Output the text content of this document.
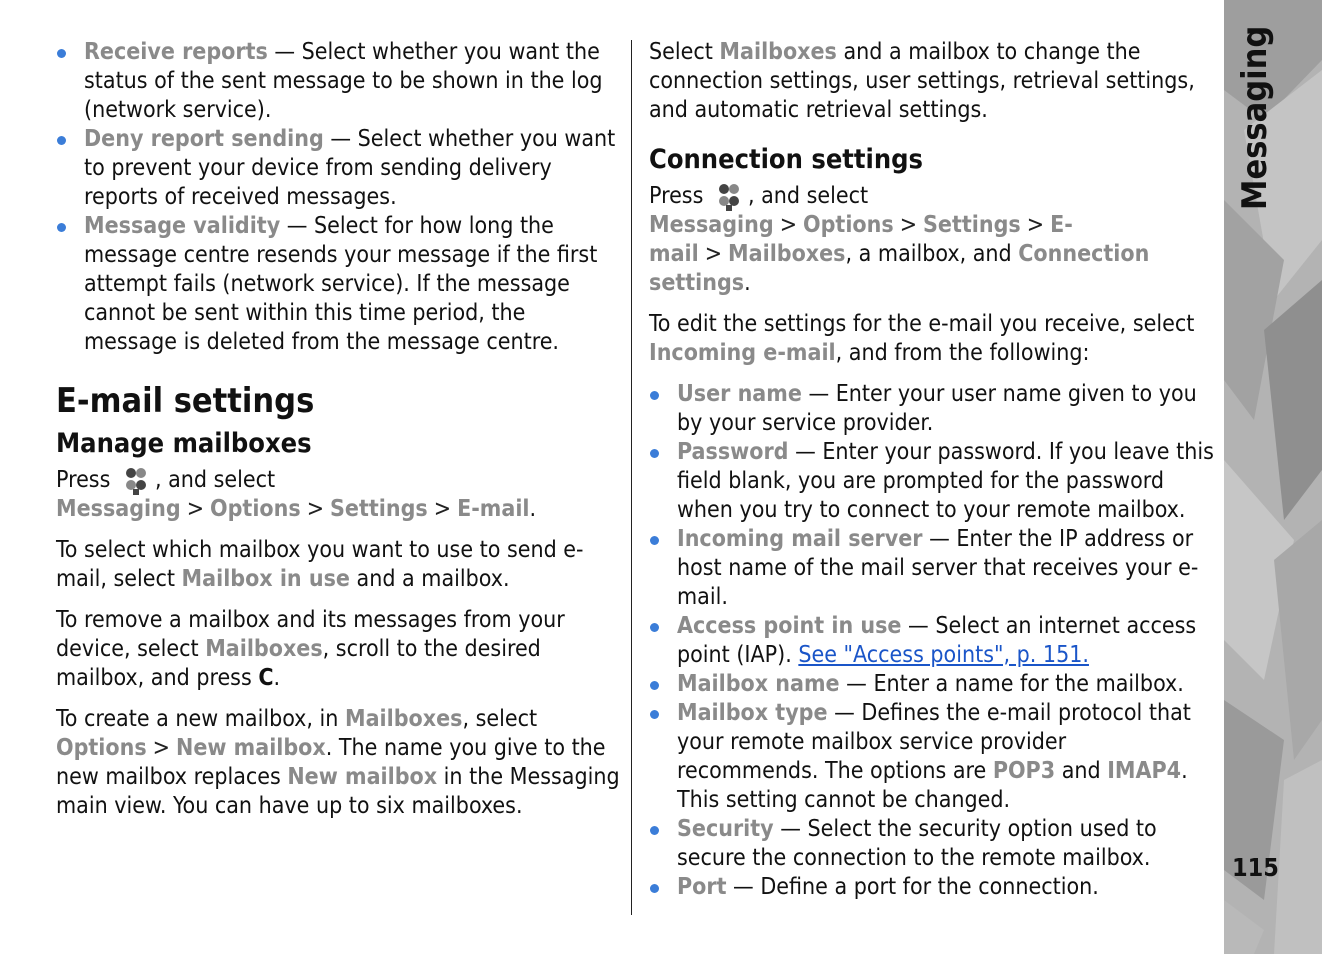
Receive reports — Select whether you want the status of the sent message to be shown in the log (network service).
Deny report sending — Select whether you want to prevent your device from sending delivery reports of received messages.
Message validity — Select for how long the message centre resends your message if the first attempt fails (network service). If the message cannot be sent within this time period, the message is deleted from the message centre.
E-mail settings
Manage mailboxes

Press , and select Messaging > Options > Settings > E-mail.

To select which mailbox you want to use to send e-mail, select Mailbox in use and a mailbox.

To remove a mailbox and its messages from your device, select Mailboxes, scroll to the desired mailbox, and press C.

To create a new mailbox, in Mailboxes, select Options > New mailbox. The name you give to the new mailbox replaces New mailbox in the Messaging main view. You can have up to six mailboxes.

Select Mailboxes and a mailbox to change the connection settings, user settings, retrieval settings, and automatic retrieval settings.

Connection settings

Press , and select Messaging > Options > Settings > E-mail > Mailboxes, a mailbox, and Connection settings.

To edit the settings for the e-mail you receive, select Incoming e-mail, and from the following:

User name — Enter your user name given to you by your service provider.
Password — Enter your password. If you leave this field blank, you are prompted for the password when you try to connect to your remote mailbox.
Incoming mail server — Enter the IP address or host name of the mail server that receives your e-mail.
Access point in use — Select an internet access point (IAP). See "Access points", p. 151.
Mailbox name — Enter a name for the mailbox.
Mailbox type — Defines the e-mail protocol that your remote mailbox service provider recommends. The options are POP3 and IMAP4. This setting cannot be changed.
Security — Select the security option used to secure the connection to the remote mailbox.
Port — Define a port for the connection.
Messaging
115
